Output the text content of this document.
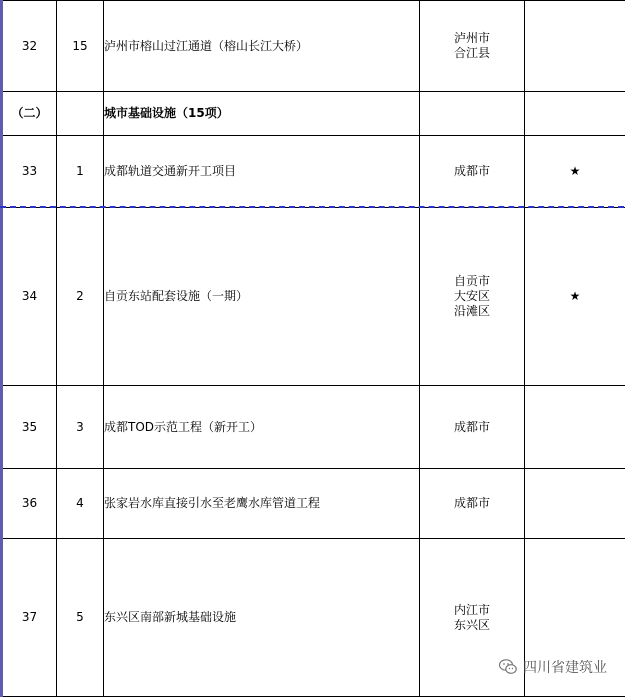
32	15	泸州市榕山过江通道（榕山长江大桥）	泸州市
合江县	

（二）		城市基础设施（15项）		
33	1	成都轨道交通新开工项目	成都市	★
34	2	自贡东站配套设施（一期）	自贡市
大安区
沿滩区	★
35	3	成都TOD示范工程（新开工）	成都市	

36	4	张家岩水库直接引水至老鹰水库管道工程	成都市	

37	5	东兴区南部新城基础设施	内江市
东兴区	

四川省建筑业
